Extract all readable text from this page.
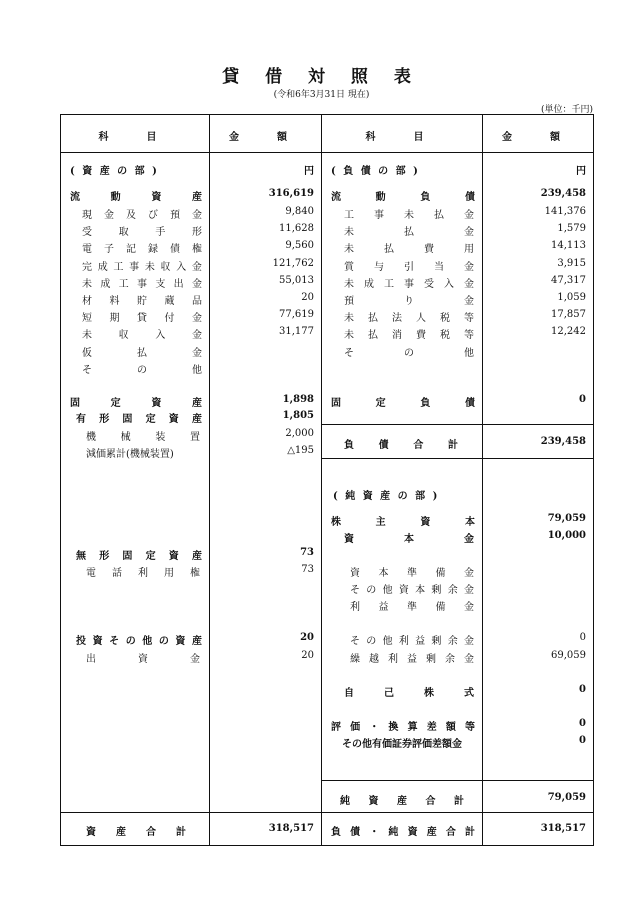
貸 借 対 照 表
(令和6年3月31日 現在)
(単位：千円)
科　目	金　額	科　目	金　額
( 資 産 の 部 )	円
流	動	資	産	316,619
現 金 及 び 預 金	9,840
受	取	手	形	11,628
電 子 記 録 債 権	9,560
完 成 工 事 未 収 入 金	121,762
未 成 工 事 支 出 金	55,013
材 料 貯 蔵 品	20
短 期 貸 付 金	77,619
未	収	入	金	31,177
仮	払	金
そ	の	他
固	定	資	産	1,898
有 形 固 定 資 産	1,805
機 械 装 置	2,000
減価累計(機械装置)	△195
無 形 固 定 資 産	73
電 話 利 用 権	73
投 資 そ の 他 の 資 産	20
出	資	金	20
資 産 合 計	318,517
( 負 債 の 部 )	円
流	動	負	債	239,458
工 事 未 払 金	141,376
未	払	金	1,579
未	払	費	用	14,113
賞 与 引 当 金	3,915
未 成 工 事 受 入 金	47,317
預	り	金	1,059
未 払 法 人 税 等	17,857
未 払 消 費 税 等	12,242
そ	の	他
固	定	負	債	0
負 債 合 計	239,458
( 純 資 産 の 部 )
株	主	資	本	79,059
資	本	金	10,000
資 本 準 備 金
そ の 他 資 本 剰 余 金
利 益 準 備 金
そ の 他 利 益 剰 余 金	0
繰 越 利 益 剰 余 金	69,059
自	己	株	式	0
評 価 ・ 換 算 差 額 等	0
その他有価証券評価差額金	0
純 資 産 合 計	79,059
負 債 ・ 純 資 産 合 計	318,517
